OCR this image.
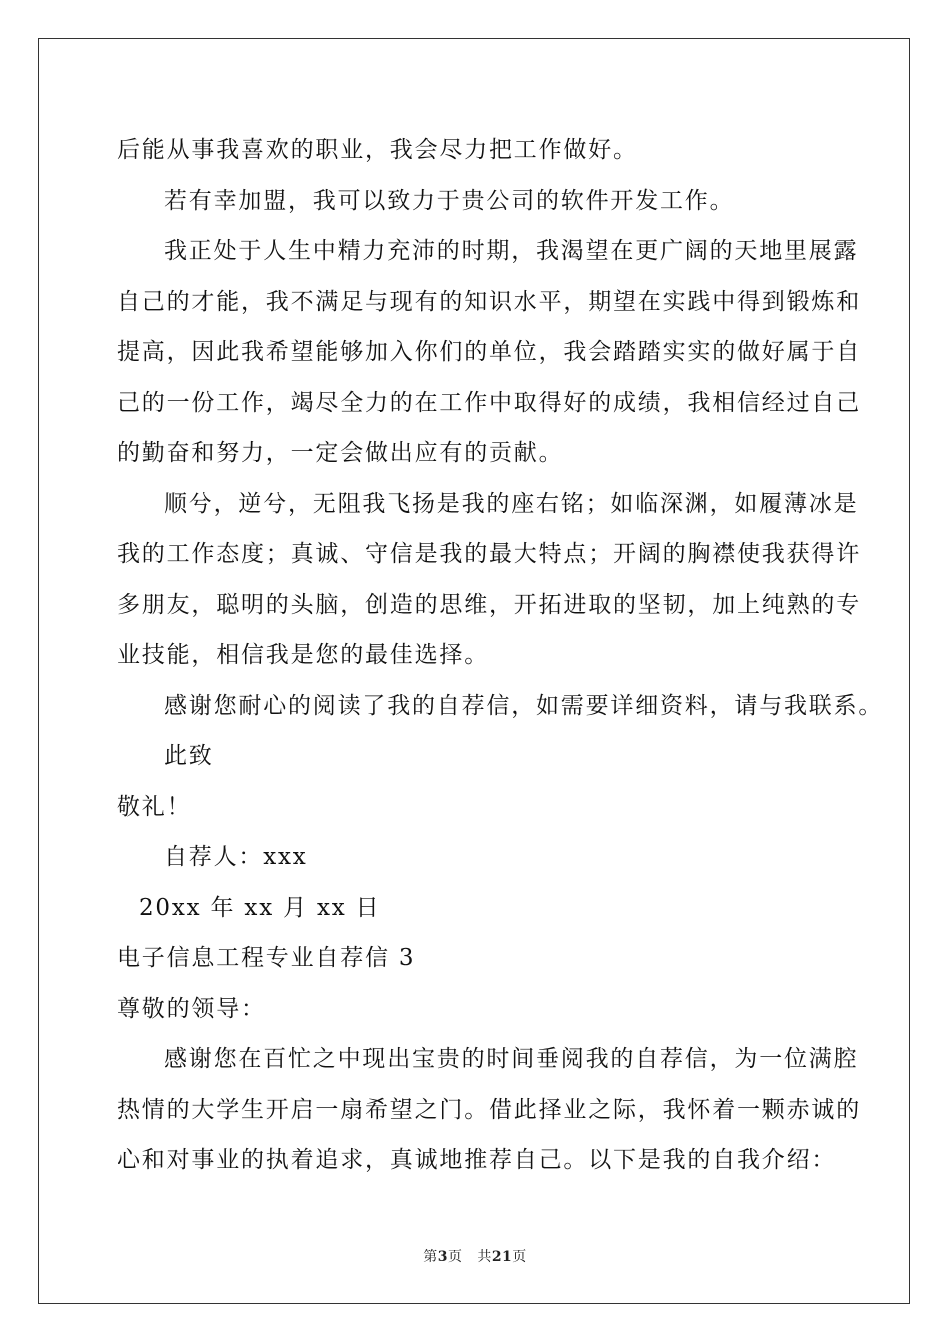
后能从事我喜欢的职业，我会尽力把工作做好。
若有幸加盟，我可以致力于贵公司的软件开发工作。
我正处于人生中精力充沛的时期，我渴望在更广阔的天地里展露
自己的才能，我不满足与现有的知识水平，期望在实践中得到锻炼和
提高，因此我希望能够加入你们的单位，我会踏踏实实的做好属于自
己的一份工作，竭尽全力的在工作中取得好的成绩，我相信经过自己
的勤奋和努力，一定会做出应有的贡献。
顺兮，逆兮，无阻我飞扬是我的座右铭；如临深渊，如履薄冰是
我的工作态度；真诚、守信是我的最大特点；开阔的胸襟使我获得许
多朋友，聪明的头脑，创造的思维，开拓进取的坚韧，加上纯熟的专
业技能，相信我是您的最佳选择。
感谢您耐心的阅读了我的自荐信，如需要详细资料，请与我联系。
此致
敬礼！
自荐人：xxx
20xx 年 xx 月 xx 日
电子信息工程专业自荐信 3
尊敬的领导：
感谢您在百忙之中现出宝贵的时间垂阅我的自荐信，为一位满腔
热情的大学生开启一扇希望之门。借此择业之际，我怀着一颗赤诚的
心和对事业的执着追求，真诚地推荐自己。以下是我的自我介绍：
第3页 共21页
